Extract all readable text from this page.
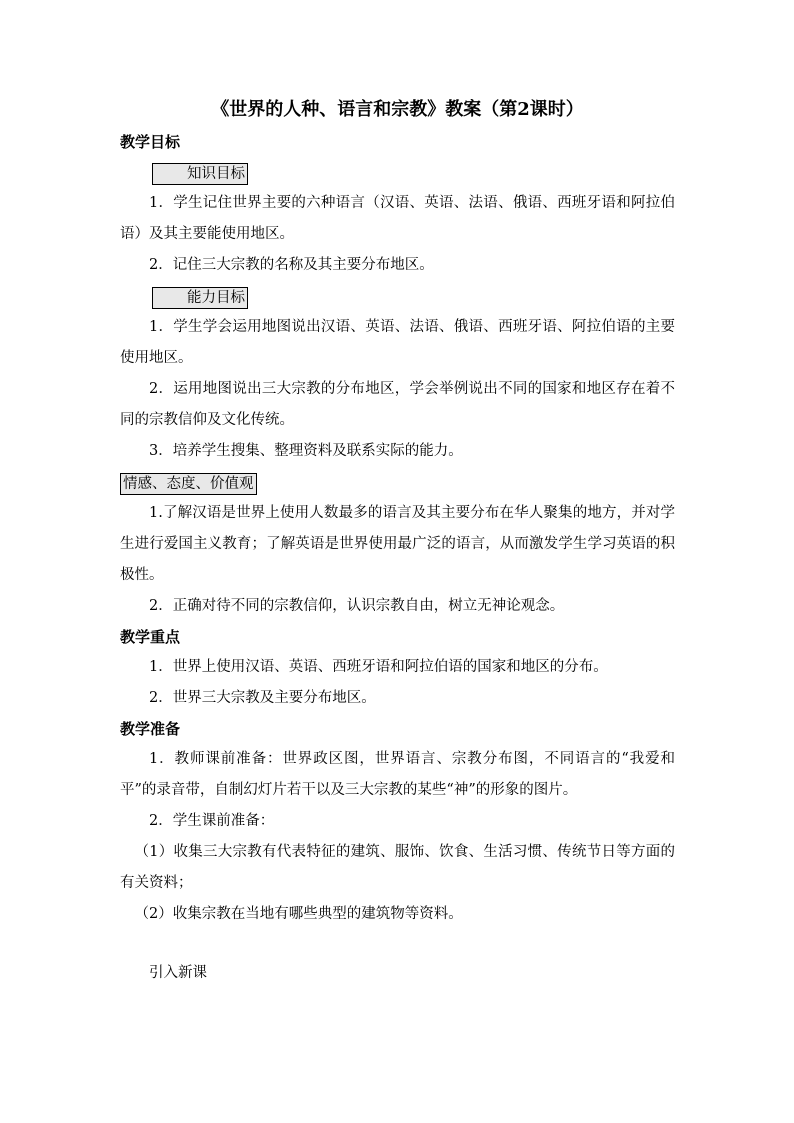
《世界的人种、语言和宗教》教案（第2课时）

教学目标

知识目标

1．学生记住世界主要的六种语言（汉语、英语、法语、俄语、西班牙语和阿拉伯语）及其主要能使用地区。

2．记住三大宗教的名称及其主要分布地区。

能力目标

1．学生学会运用地图说出汉语、英语、法语、俄语、西班牙语、阿拉伯语的主要使用地区。

2．运用地图说出三大宗教的分布地区，学会举例说出不同的国家和地区存在着不同的宗教信仰及文化传统。

3．培养学生搜集、整理资料及联系实际的能力。

情感、态度、价值观

1.了解汉语是世界上使用人数最多的语言及其主要分布在华人聚集的地方，并对学生进行爱国主义教育；了解英语是世界使用最广泛的语言，从而激发学生学习英语的积极性。

2．正确对待不同的宗教信仰，认识宗教自由，树立无神论观念。

教学重点

1．世界上使用汉语、英语、西班牙语和阿拉伯语的国家和地区的分布。

2．世界三大宗教及主要分布地区。

教学准备

1．教师课前准备：世界政区图，世界语言、宗教分布图，不同语言的“我爱和平”的录音带，自制幻灯片若干以及三大宗教的某些“神”的形象的图片。

2．学生课前准备：

（1）收集三大宗教有代表特征的建筑、服饰、饮食、生活习惯、传统节日等方面的有关资料；

（2）收集宗教在当地有哪些典型的建筑物等资料。

引入新课
